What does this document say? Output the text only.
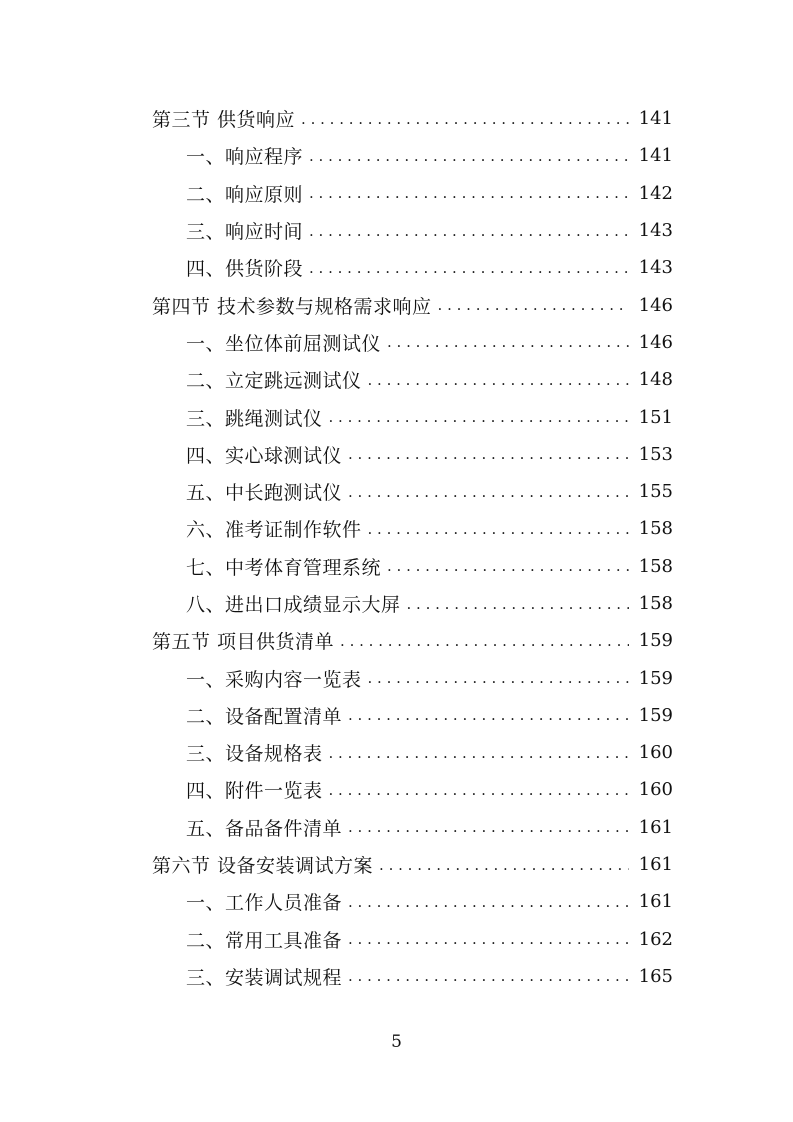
第三节 供货响应 . . .	141
一、响应程序 . . .	141
二、响应原则 . . .	142
三、响应时间 . . .	143
四、供货阶段 . . .	143
第四节 技术参数与规格需求响应 . . .	146
一、坐位体前屈测试仪 . . .	146
二、立定跳远测试仪 . . .	148
三、跳绳测试仪 . . .	151
四、实心球测试仪 . . .	153
五、中长跑测试仪 . . .	155
六、准考证制作软件 . . .	158
七、中考体育管理系统 . . .	158
八、进出口成绩显示大屏 . . .	158
第五节 项目供货清单 . . .	159
一、采购内容一览表 . . .	159
二、设备配置清单 . . .	159
三、设备规格表 . . .	160
四、附件一览表 . . .	160
五、备品备件清单 . . .	161
第六节 设备安装调试方案 . . .	161
一、工作人员准备 . . .	161
二、常用工具准备 . . .	162
三、安装调试规程 . . .	165
5
